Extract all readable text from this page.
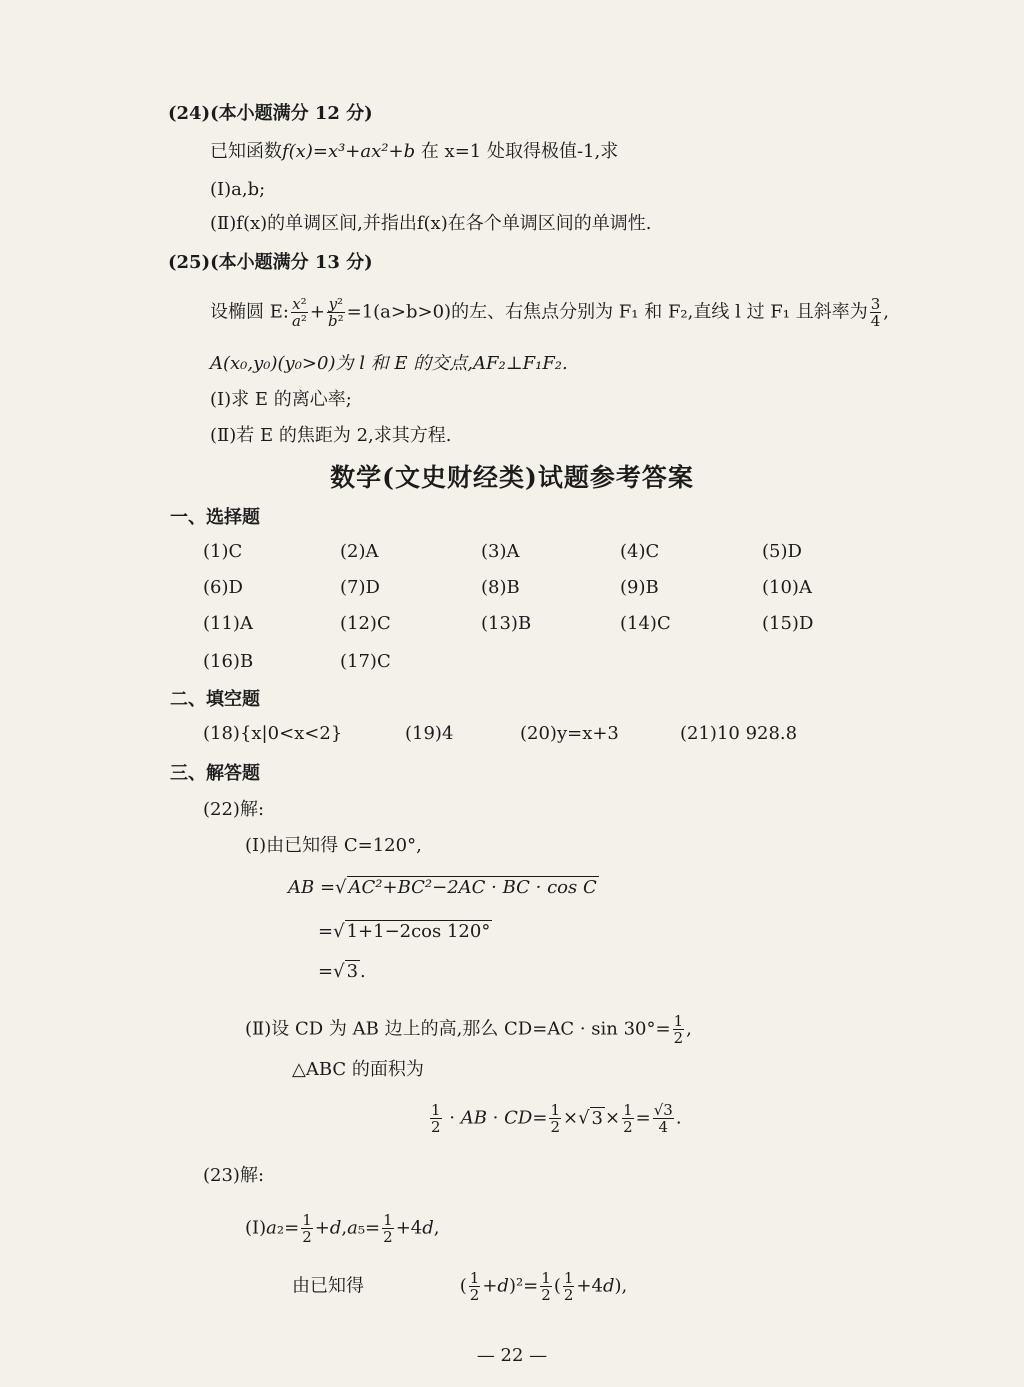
(24)(本小题满分 12 分)
已知函数f(x)=x³+ax²+b 在 x=1 处取得极值-1,求
(Ⅰ)a,b;
(Ⅱ)f(x)的单调区间,并指出f(x)在各个单调区间的单调性.
(25)(本小题满分 13 分)
设椭圆 E: $\frac{\text{x²}}{\text{a²}} + \frac{\text{y²}}{\text{b²}} =1(a>b>0)$的左、右焦点分别为 F₁ 和 F₂,直线 l 过 F₁ 且斜率为 $\frac{3}{4}$ ,
A(x₀,y₀)(y₀>0)为 l 和 E 的交点,AF₂⊥F₁F₂.
(Ⅰ)求 E 的离心率;
(Ⅱ)若 E 的焦距为 2,求其方程.
数学(文史财经类)试题参考答案
一、选择题
(1)C	(2)A	(3)A	(4)C	(5)D
(6)D	(7)D	(8)B	(9)B	(10)A
(11)A	(12)C	(13)B	(14)C	(15)D
(16)B	(17)C
二、填空题
(18){x|0<x<2}	(19)4	(20)y=x+3	(21)10 928.8
三、解答题
(22)解:
(Ⅰ)由已知得 C=120°,
AB =√ AC²+BC²−2AC · BC · cos C
=√ 1+1−2cos 120°
=√ 3 .
(Ⅱ)设 CD 为 AB 边上的高,那么 $CD=AC \cdot \sin 30^\circ= \frac{1}{2}$ ,
△ABC 的面积为
$\frac{1}{2}$ · AB · $CD= \frac{1}{2}$ ×√ $3 \times \frac{1}{2} = \frac{√3}{4}$ .
(23)解:
(Ⅰ)a₂= $\frac{1}{2} +d,a_5= \frac{1}{2} +4d$,
由已知得	( $\frac{1}{2} +d)^2= \frac{1}{2}$ ( $\frac{1}{2} +4d$),
— 22 —
